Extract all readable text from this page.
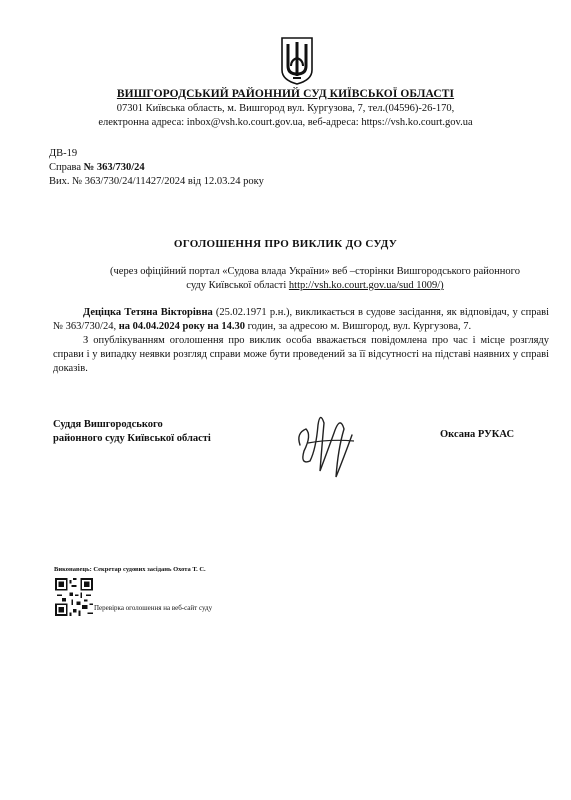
ВИШГОРОДСЬКИЙ РАЙОННИЙ СУД КИЇВСЬКОЇ ОБЛАСТІ
07301 Київська область, м. Вишгород вул. Кургузова, 7, тел.(04596)-26-170,
електронна адреса: inbox@vsh.ko.court.gov.ua, веб-адреса: https://vsh.ko.court.gov.ua
ДВ-19
Справа № 363/730/24
Вих. № 363/730/24/11427/2024 від 12.03.24 року
ОГОЛОШЕННЯ ПРО ВИКЛИК ДО СУДУ
(через офіційний портал «Судова влада України» веб –сторінки Вишгородського районного
суду Київської області http://vsh.ko.court.gov.ua/sud 1009/)

Деціцка Тетяна Вікторівна (25.02.1971 р.н.), викликається в судове засідання, як відповідач, у справі № 363/730/24, на 04.04.2024 року на 14.30 годин, за адресою м. Вишгород, вул. Кургузова, 7.

З опублікуванням оголошення про виклик особа вважається повідомлена про час і місце розгляду справи і у випадку неявки розгляд справи може бути проведений за її відсутності на підставі наявних у справі доказів.

Суддя Вишгородського
районного суду Київської області	Оксана РУКАС
Виконавець: Секретар судових засідань Охота Т. С.
Перевірка оголошення на веб-сайт суду
